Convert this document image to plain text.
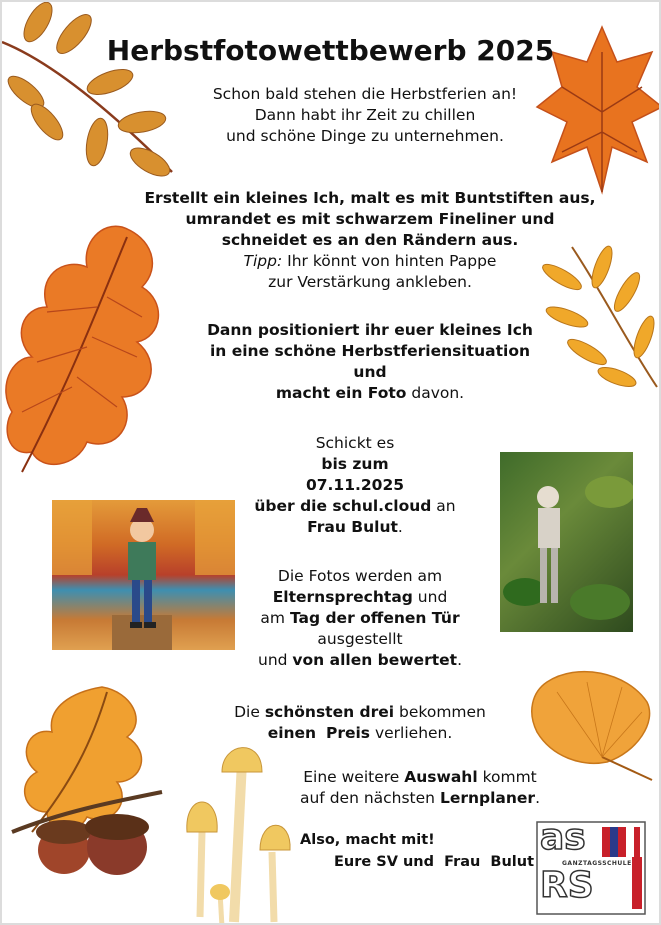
as
GANZTAGSSCHULE
RS
Herbstfotowettbewerb 2025
Schon bald stehen die Herbstferien an!
Dann habt ihr Zeit zu chillen
und schöne Dinge zu unternehmen.
Erstellt ein kleines Ich, malt es mit Buntstiften aus,
umrandet es mit schwarzem Fineliner und
schneidet es an den Rändern aus.
Tipp: Ihr könnt von hinten Pappe
zur Verstärkung ankleben.
Dann positioniert ihr euer kleines Ich
in eine schöne Herbstferiensituation
und
macht ein Foto davon.
Schickt es
bis zum
07.11.2025
über die schul.cloud an
Frau Bulut.
Die Fotos werden am
Elternsprechtag und
am Tag der offenen Tür
ausgestellt
und von allen bewertet.
Die schönsten drei bekommen
einen Preis verliehen.
Eine weitere Auswahl kommt
auf den nächsten Lernplaner.
Also, macht mit!
Eure SV und  Frau  Bulut
